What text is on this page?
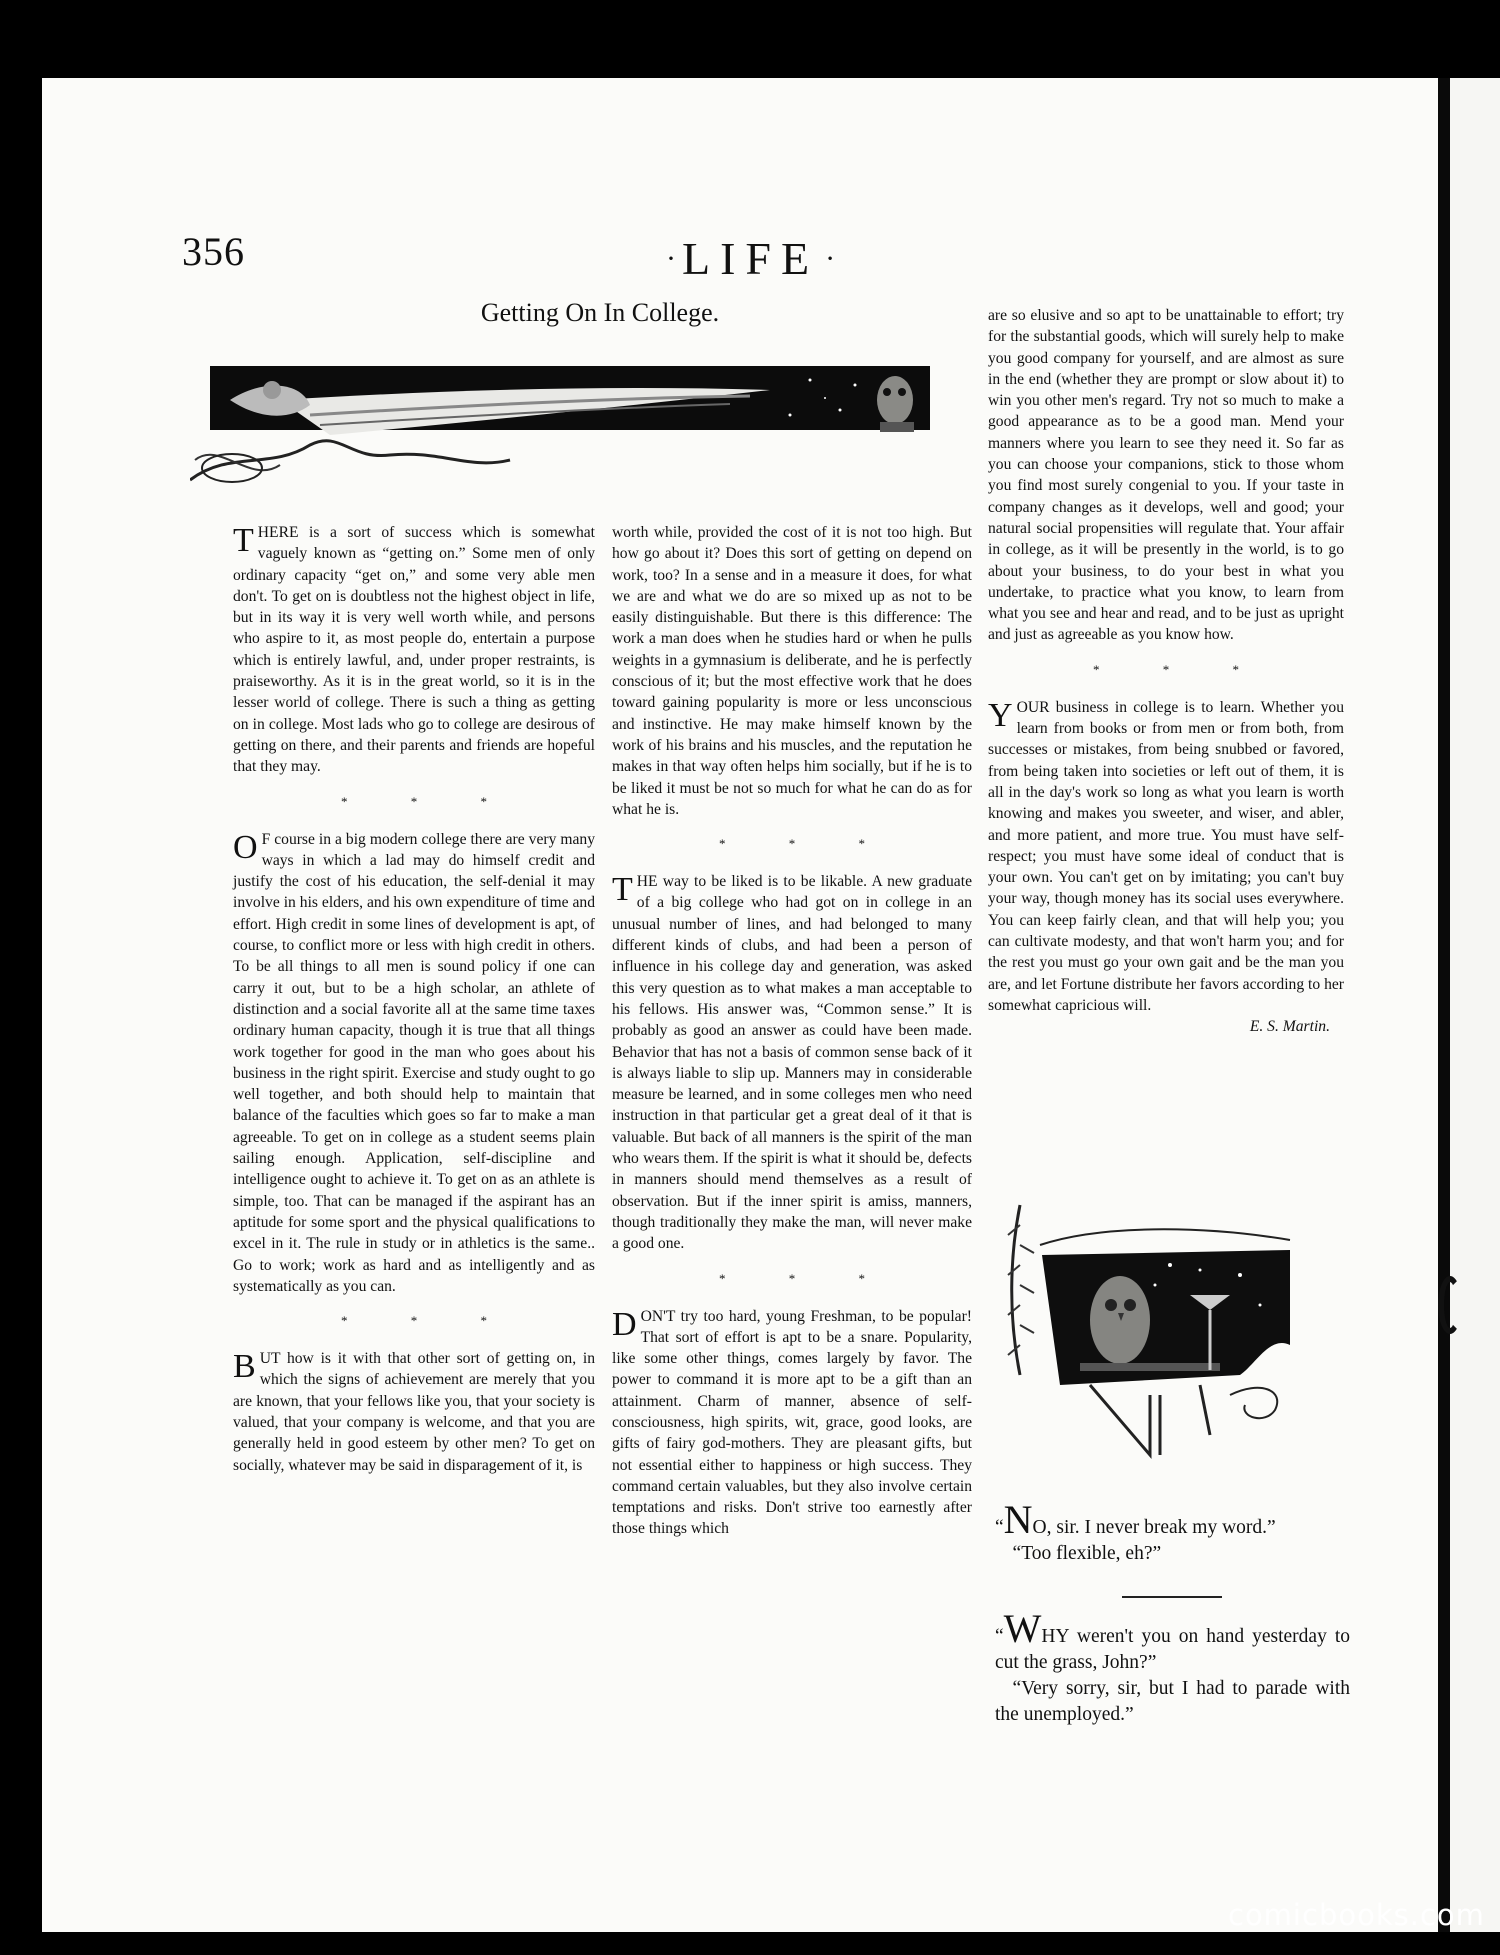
356	· LIFE ·
Getting On In College.

THERE is a sort of success which is somewhat vaguely known as “getting on.” Some men of only ordinary capacity “get on,” and some very able men don't. To get on is doubtless not the highest object in life, but in its way it is very well worth while, and persons who aspire to it, as most people do, entertain a purpose which is entirely lawful, and, under proper restraints, is praiseworthy. As it is in the great world, so it is in the lesser world of college. There is such a thing as getting on in college. Most lads who go to college are desirous of getting on there, and their parents and friends are hopeful that they may.

* * *

O F course in a big modern college there are very many ways in which a lad may do himself credit and justify the cost of his education, the self-denial it may involve in his elders, and his own expenditure of time and effort. High credit in some lines of development is apt, of course, to conflict more or less with high credit in others. To be all things to all men is sound policy if one can carry it out, but to be a high scholar, an athlete of distinction and a social favorite all at the same time taxes ordinary human capacity, though it is true that all things work together for good in the man who goes about his business in the right spirit. Exercise and study ought to go well together, and both should help to maintain that balance of the faculties which goes so far to make a man agreeable. To get on in college as a student seems plain sailing enough. Application, self-discipline and intelligence ought to achieve it. To get on as an athlete is simple, too. That can be managed if the aspirant has an aptitude for some sport and the physical qualifications to excel in it. The rule in study or in athletics is the same.. Go to work; work as hard and as intelligently and as systematically as you can.

* * *

BUT how is it with that other sort of getting on, in which the signs of achievement are merely that you are known, that your fellows like you, that your society is valued, that your company is welcome, and that you are generally held in good esteem by other men? To get on socially, whatever may be said in disparagement of it, is

worth while, provided the cost of it is not too high. But how go about it? Does this sort of getting on depend on work, too? In a sense and in a measure it does, for what we are and what we do are so mixed up as not to be easily distinguishable. But there is this difference: The work a man does when he studies hard or when he pulls weights in a gymnasium is deliberate, and he is perfectly conscious of it; but the most effective work that he does toward gaining popularity is more or less unconscious and instinctive. He may make himself known by the work of his brains and his muscles, and the reputation he makes in that way often helps him socially, but if he is to be liked it must be not so much for what he can do as for what he is.

* * *

THE way to be liked is to be likable. A new graduate of a big college who had got on in college in an unusual number of lines, and had belonged to many different kinds of clubs, and had been a person of influence in his college day and generation, was asked this very question as to what makes a man acceptable to his fellows. His answer was, “Common sense.” It is probably as good an answer as could have been made. Behavior that has not a basis of common sense back of it is always liable to slip up. Manners may in considerable measure be learned, and in some colleges men who need instruction in that particular get a great deal of it that is valuable. But back of all manners is the spirit of the man who wears them. If the spirit is what it should be, defects in manners should mend themselves as a result of observation. But if the inner spirit is amiss, manners, though traditionally they make the man, will never make a good one.

* * *

DON'T try too hard, young Freshman, to be popular! That sort of effort is apt to be a snare. Popularity, like some other things, comes largely by favor. The power to command it is more apt to be a gift than an attainment. Charm of manner, absence of self-consciousness, high spirits, wit, grace, good looks, are gifts of fairy god-mothers. They are pleasant gifts, but not essential either to happiness or high success. They command certain valuables, but they also involve certain temptations and risks. Don't strive too earnestly after those things which

are so elusive and so apt to be unattainable to effort; try for the substantial goods, which will surely help to make you good company for yourself, and are almost as sure in the end (whether they are prompt or slow about it) to win you other men's regard. Try not so much to make a good appearance as to be a good man. Mend your manners where you learn to see they need it. So far as you can choose your companions, stick to those whom you find most surely congenial to you. If your taste in company changes as it develops, well and good; your natural social propensities will regulate that. Your affair in college, as it will be presently in the world, is to go about your business, to do your best in what you undertake, to practice what you know, to learn from what you see and hear and read, and to be just as upright and just as agreeable as you know how.

* * *

YOUR business in college is to learn. Whether you learn from books or from men or from both, from successes or mistakes, from being snubbed or favored, from being taken into societies or left out of them, it is all in the day's work so long as what you learn is worth knowing and makes you sweeter, and wiser, and abler, and more patient, and more true. You must have self-respect; you must have some ideal of conduct that is your own. You can't get on by imitating; you can't buy your way, though money has its social uses everywhere. You can keep fairly clean, and that will help you; you can cultivate modesty, and that won't harm you; and for the rest you must go your own gait and be the man you are, and let Fortune distribute her favors according to her somewhat capricious will.

E. S. Martin.

“NO, sir. I never break my word.”

“Too flexible, eh?”

“WHY weren't you on hand yesterday to cut the grass, John?”

“Very sorry, sir, but I had to parade with the unemployed.”

comicbooks.com
